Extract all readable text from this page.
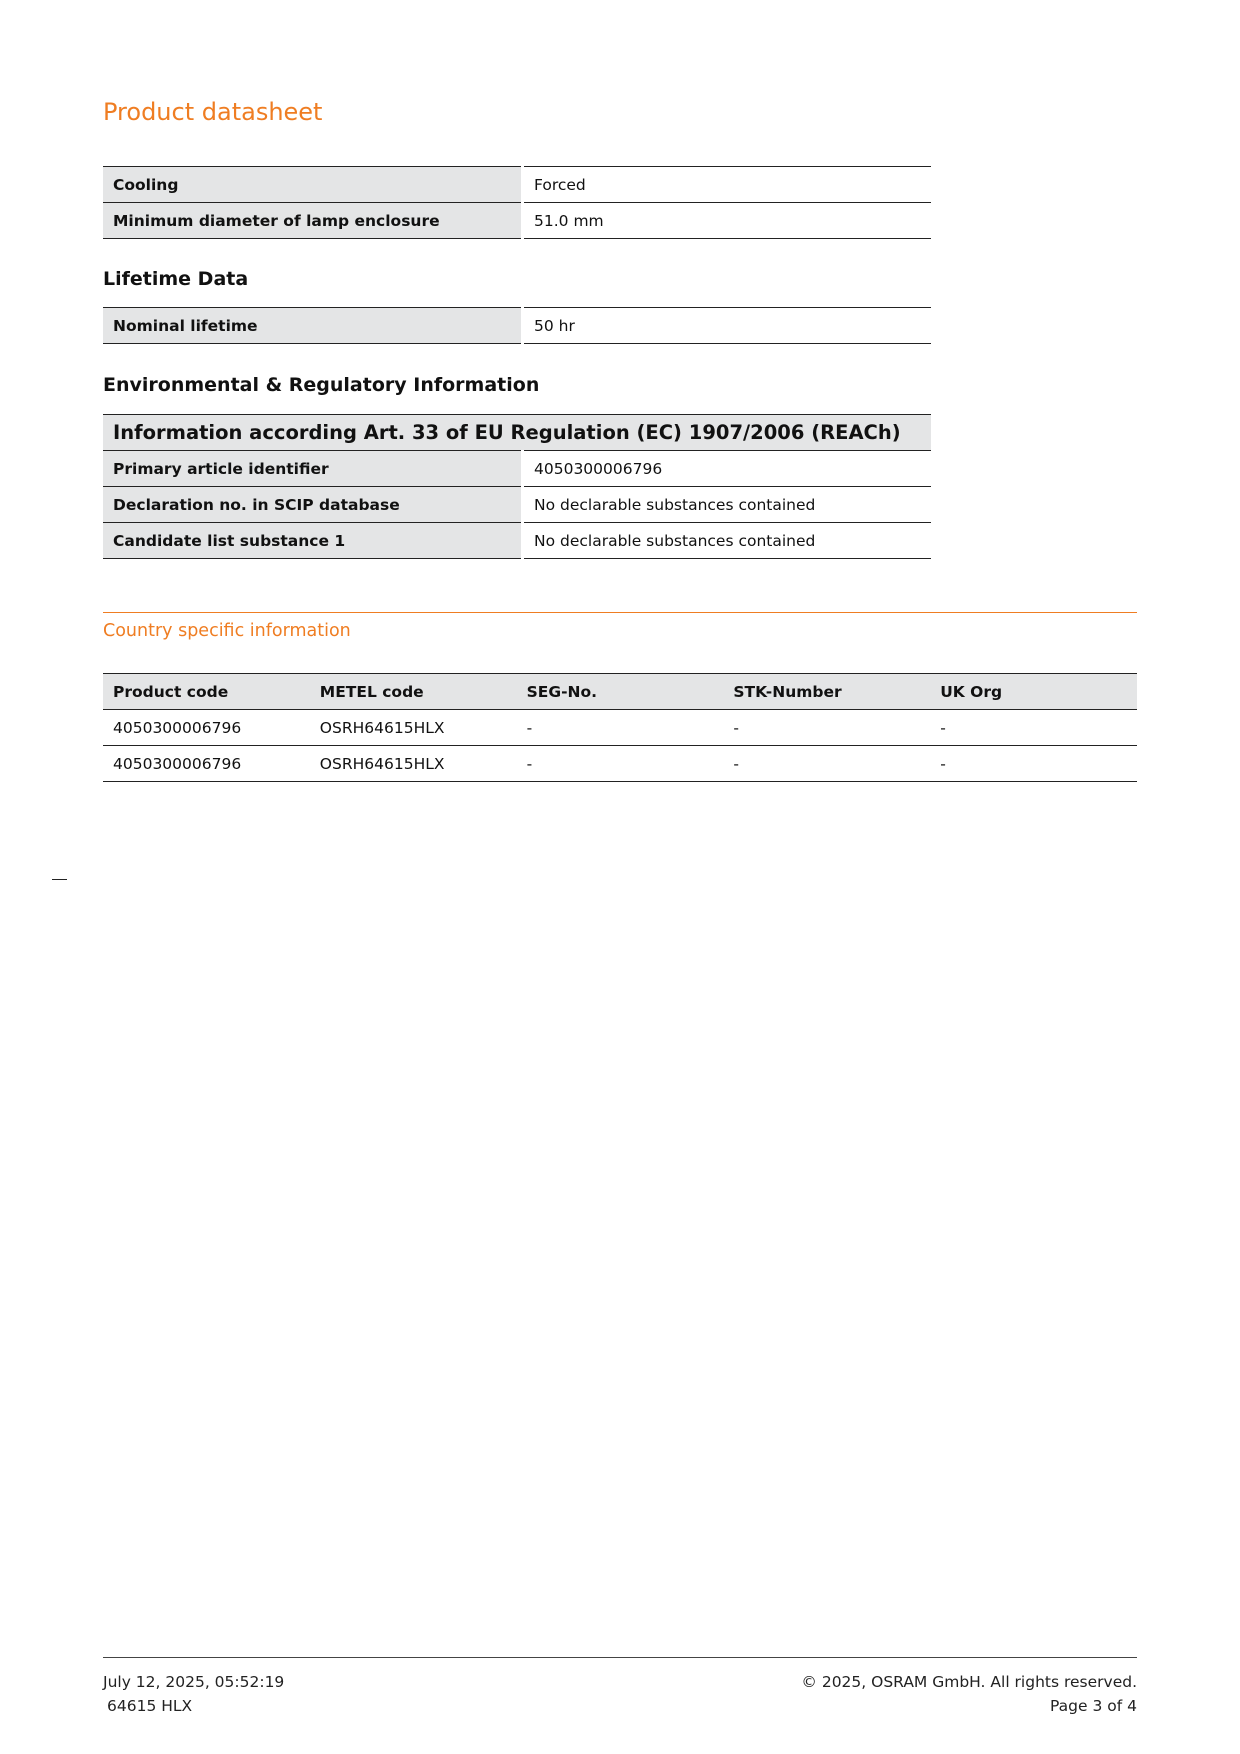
Product datasheet
Cooling	Forced
Minimum diameter of lamp enclosure	51.0 mm
Lifetime Data
Nominal lifetime	50 hr
Environmental & Regulatory Information
Information according Art. 33 of EU Regulation (EC) 1907/2006 (REACh)	
Primary article identifier	4050300006796
Declaration no. in SCIP database	No declarable substances contained
Candidate list substance 1	No declarable substances contained
Country specific information
Product code	METEL code	SEG-No.	STK-Number	UK Org
4050300006796	OSRH64615HLX	-	-	-
4050300006796	OSRH64615HLX	-	-	-
July 12, 2025, 05:52:19
64615 HLX
© 2025, OSRAM GmbH. All rights reserved.
Page 3 of 4
